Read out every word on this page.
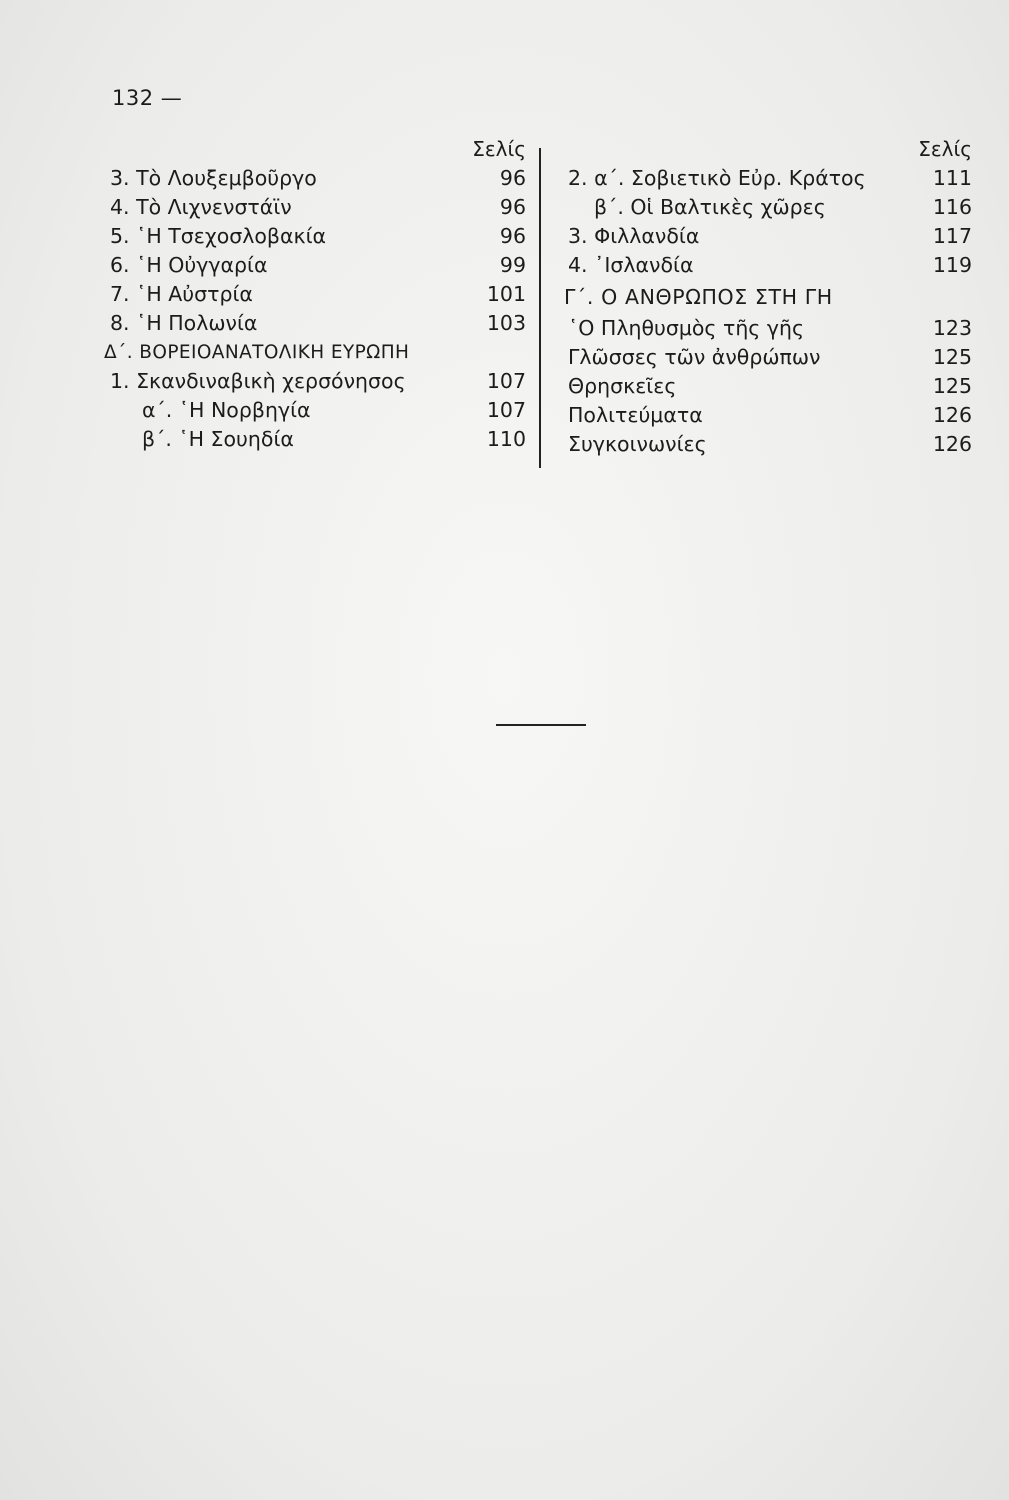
132 —
Σελίς
3. Τὸ Λουξεμβοῦργο	96
4. Τὸ Λιχνενστάϊν	96
5. ῾Η Τσεχοσλοβακία	96
6. ῾Η Οὐγγαρία	99
7. ῾Η Αὐστρία	101
8. ῾Η Πολωνία	103
Δ΄. ΒΟΡΕΙΟΑΝΑΤΟΛΙΚΗ ΕΥΡΩΠΗ
1. Σκανδιναβικὴ χερσόνησος	107
α΄. ῾Η Νορβηγία	107
β΄. ῾Η Σουηδία	110
Σελίς
2. α΄. Σοβιετικὸ Εὐρ. Κράτος	111
β΄. Οἱ Βαλτικὲς χῶρες	116
3. Φιλλανδία	117
4. ᾿Ισλανδία	119
Γ΄. Ο ΑΝΘΡΩΠΟΣ ΣΤΗ ΓΗ
῾Ο Πληθυσμὸς τῆς γῆς	123
Γλῶσσες τῶν ἀνθρώπων	125
Θρησκεῖες	125
Πολιτεύματα	126
Συγκοινωνίες	126
